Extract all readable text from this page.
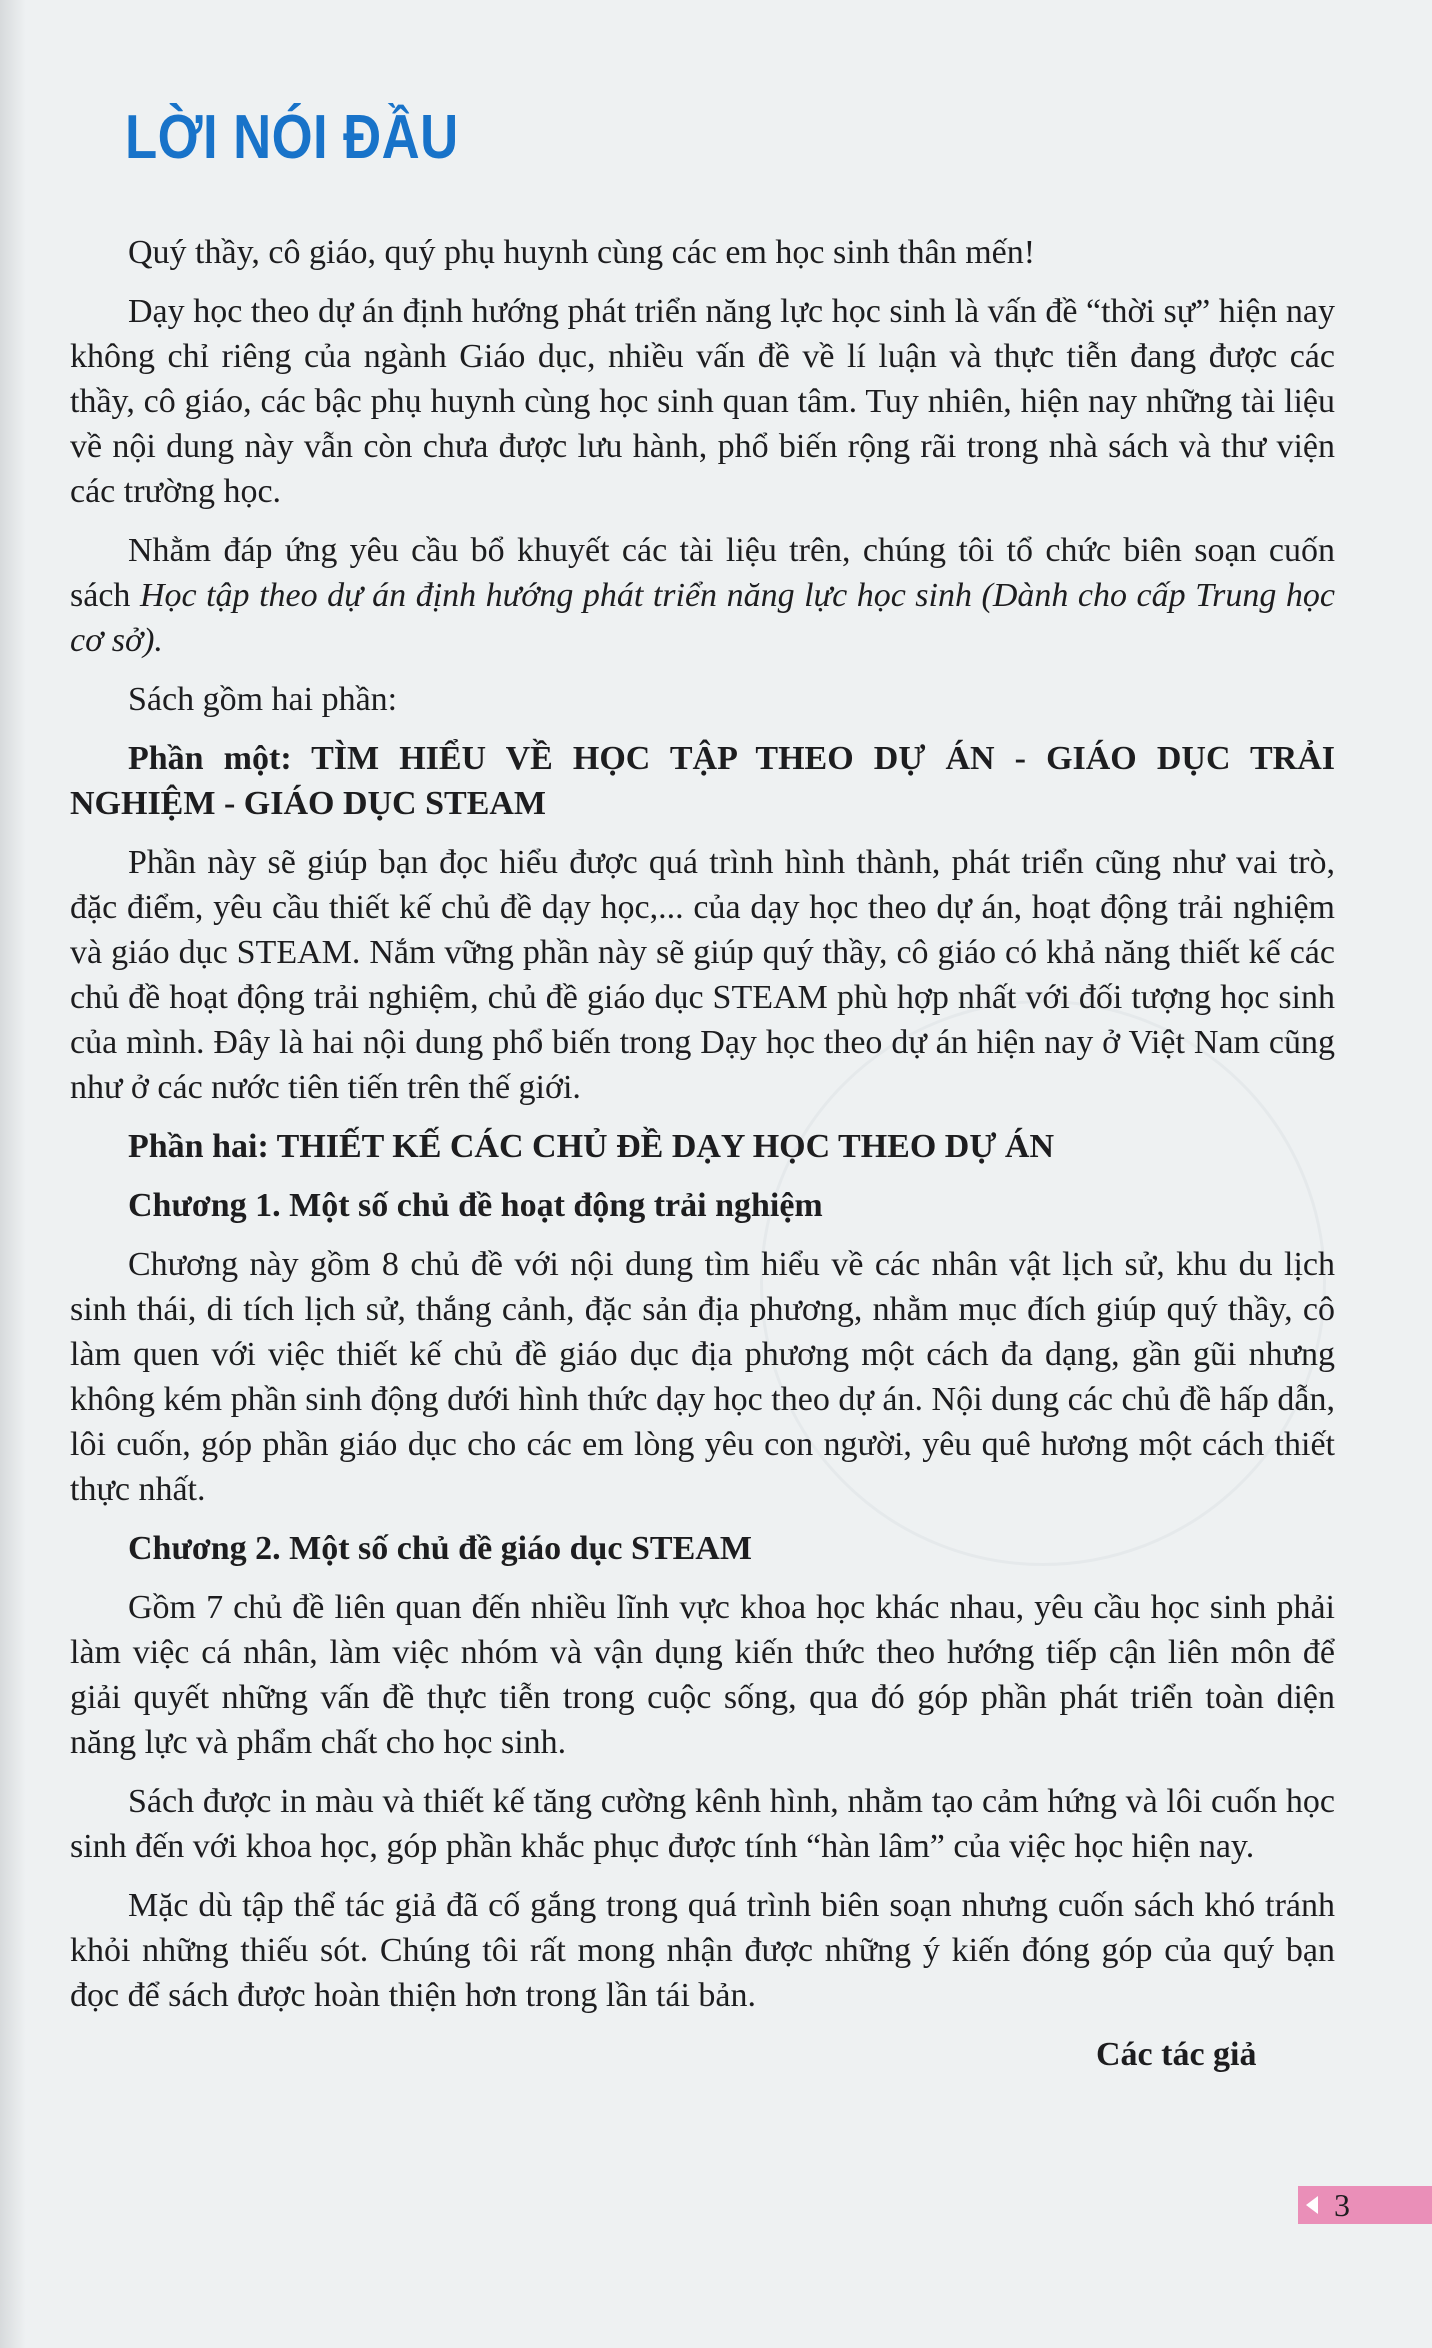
LỜI NÓI ĐẦU

Quý thầy, cô giáo, quý phụ huynh cùng các em học sinh thân mến!

Dạy học theo dự án định hướng phát triển năng lực học sinh là vấn đề “thời sự” hiện nay không chỉ riêng của ngành Giáo dục, nhiều vấn đề về lí luận và thực tiễn đang được các thầy, cô giáo, các bậc phụ huynh cùng học sinh quan tâm. Tuy nhiên, hiện nay những tài liệu về nội dung này vẫn còn chưa được lưu hành, phổ biến rộng rãi trong nhà sách và thư viện các trường học.

Nhằm đáp ứng yêu cầu bổ khuyết các tài liệu trên, chúng tôi tổ chức biên soạn cuốn sách Học tập theo dự án định hướng phát triển năng lực học sinh (Dành cho cấp Trung học cơ sở).

Sách gồm hai phần:

Phần một: TÌM HIỂU VỀ HỌC TẬP THEO DỰ ÁN - GIÁO DỤC TRẢI NGHIỆM - GIÁO DỤC STEAM

Phần này sẽ giúp bạn đọc hiểu được quá trình hình thành, phát triển cũng như vai trò, đặc điểm, yêu cầu thiết kế chủ đề dạy học,... của dạy học theo dự án, hoạt động trải nghiệm và giáo dục STEAM. Nắm vững phần này sẽ giúp quý thầy, cô giáo có khả năng thiết kế các chủ đề hoạt động trải nghiệm, chủ đề giáo dục STEAM phù hợp nhất với đối tượng học sinh của mình. Đây là hai nội dung phổ biến trong Dạy học theo dự án hiện nay ở Việt Nam cũng như ở các nước tiên tiến trên thế giới.

Phần hai: THIẾT KẾ CÁC CHỦ ĐỀ DẠY HỌC THEO DỰ ÁN

Chương 1. Một số chủ đề hoạt động trải nghiệm

Chương này gồm 8 chủ đề với nội dung tìm hiểu về các nhân vật lịch sử, khu du lịch sinh thái, di tích lịch sử, thắng cảnh, đặc sản địa phương, nhằm mục đích giúp quý thầy, cô làm quen với việc thiết kế chủ đề giáo dục địa phương một cách đa dạng, gần gũi nhưng không kém phần sinh động dưới hình thức dạy học theo dự án. Nội dung các chủ đề hấp dẫn, lôi cuốn, góp phần giáo dục cho các em lòng yêu con người, yêu quê hương một cách thiết thực nhất.

Chương 2. Một số chủ đề giáo dục STEAM

Gồm 7 chủ đề liên quan đến nhiều lĩnh vực khoa học khác nhau, yêu cầu học sinh phải làm việc cá nhân, làm việc nhóm và vận dụng kiến thức theo hướng tiếp cận liên môn để giải quyết những vấn đề thực tiễn trong cuộc sống, qua đó góp phần phát triển toàn diện năng lực và phẩm chất cho học sinh.

Sách được in màu và thiết kế tăng cường kênh hình, nhằm tạo cảm hứng và lôi cuốn học sinh đến với khoa học, góp phần khắc phục được tính “hàn lâm” của việc học hiện nay.

Mặc dù tập thể tác giả đã cố gắng trong quá trình biên soạn nhưng cuốn sách khó tránh khỏi những thiếu sót. Chúng tôi rất mong nhận được những ý kiến đóng góp của quý bạn đọc để sách được hoàn thiện hơn trong lần tái bản.

Các tác giả
3
